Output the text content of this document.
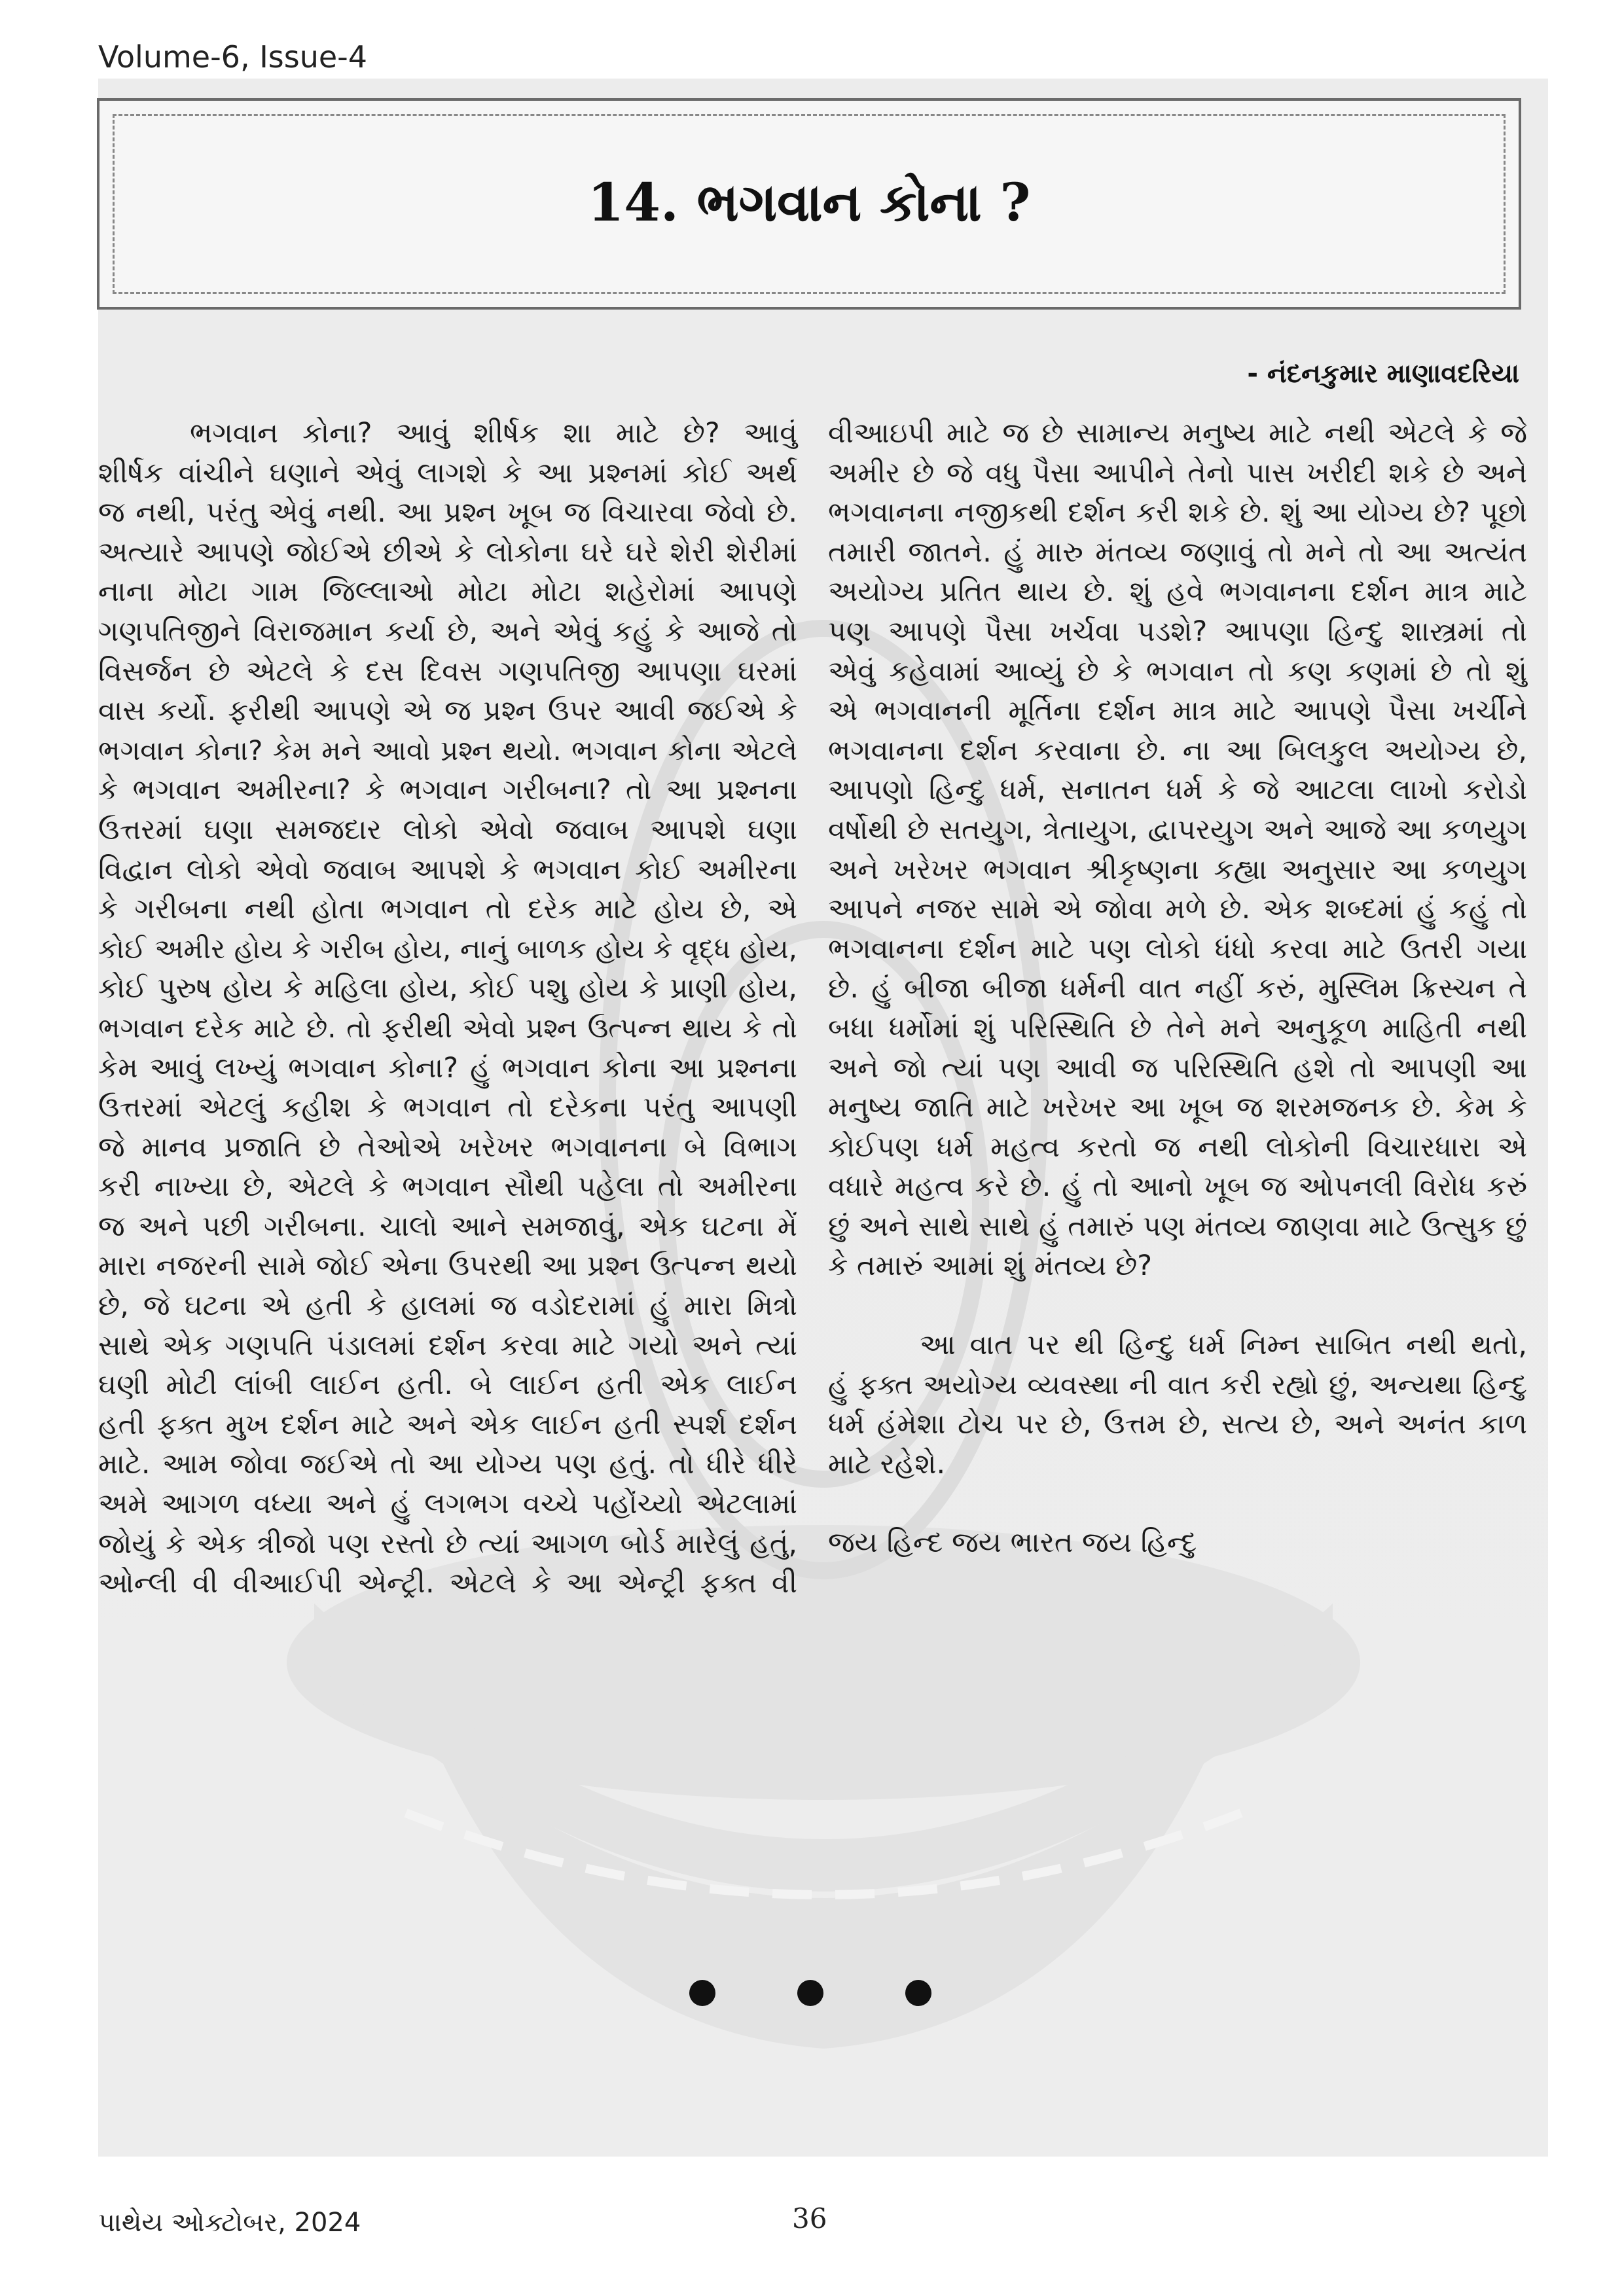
Volume-6, Issue-4
14. ભગવાન કોના ?
- નંદનકુમાર માણાવદરિયા
ભગવાન કોના? આવું શીર્ષક શા માટે છે? આવું
શીર્ષક વાંચીને ઘણાને એવું લાગશે કે આ પ્રશ્નમાં કોઈ અર્થ
જ નથી, પરંતુ એવું નથી. આ પ્રશ્ન ખૂબ જ વિચારવા જેવો છે.
અત્યારે આપણે જોઈએ છીએ કે લોકોના ઘરે ઘરે શેરી શેરીમાં
નાના મોટા ગામ જિલ્લાઓ મોટા મોટા શહેરોમાં આપણે
ગણપતિજીને વિરાજમાન કર્યા છે, અને એવું કહું કે આજે તો
વિસર્જન છે એટલે કે દસ દિવસ ગણપતિજી આપણા ઘરમાં
વાસ કર્યો. ફરીથી આપણે એ જ પ્રશ્ન ઉપર આવી જઈએ કે
ભગવાન કોના? કેમ મને આવો પ્રશ્ન થયો. ભગવાન કોના એટલે
કે ભગવાન અમીરના? કે ભગવાન ગરીબના? તો આ પ્રશ્નના
ઉત્તરમાં ઘણા સમજદાર લોકો એવો જવાબ આપશે ઘણા
વિદ્વાન લોકો એવો જવાબ આપશે કે ભગવાન કોઈ અમીરના
કે ગરીબના નથી હોતા ભગવાન તો દરેક માટે હોય છે, એ
કોઈ અમીર હોય કે ગરીબ હોય, નાનું બાળક હોય કે વૃદ્ધ હોય,
કોઈ પુરુષ હોય કે મહિલા હોય, કોઈ પશુ હોય કે પ્રાણી હોય,
ભગવાન દરેક માટે છે. તો ફરીથી એવો પ્રશ્ન ઉત્પન્ન થાય કે તો
કેમ આવું લખ્યું ભગવાન કોના? હું ભગવાન કોના આ પ્રશ્નના
ઉત્તરમાં એટલું કહીશ કે ભગવાન તો દરેકના પરંતુ આપણી
જે માનવ પ્રજાતિ છે તેઓએ ખરેખર ભગવાનના બે વિભાગ
કરી નાખ્યા છે, એટલે કે ભગવાન સૌથી પહેલા તો અમીરના
જ અને પછી ગરીબના. ચાલો આને સમજાવું, એક ઘટના મેં
મારા નજરની સામે જોઈ એના ઉપરથી આ પ્રશ્ન ઉત્પન્ન થયો
છે, જે ઘટના એ હતી કે હાલમાં જ વડોદરામાં હું મારા મિત્રો
સાથે એક ગણપતિ પંડાલમાં દર્શન કરવા માટે ગયો અને ત્યાં
ઘણી મોટી લાંબી લાઈન હતી. બે લાઈન હતી એક લાઈન
હતી ફક્ત મુખ દર્શન માટે અને એક લાઈન હતી સ્પર્શ દર્શન
માટે. આમ જોવા જઈએ તો આ યોગ્ય પણ હતું. તો ધીરે ધીરે
અમે આગળ વધ્યા અને હું લગભગ વચ્ચે પહોંચ્યો એટલામાં
જોયું કે એક ત્રીજો પણ રસ્તો છે ત્યાં આગળ બોર્ડ મારેલું હતું,
ઓન્લી વી વીઆઈપી એન્ટ્રી. એટલે કે આ એન્ટ્રી ફક્ત વી
વીઆઇપી માટે જ છે સામાન્ય મનુષ્ય માટે નથી એટલે કે જે
અમીર છે જે વધુ પૈસા આપીને તેનો પાસ ખરીદી શકે છે અને
ભગવાનના નજીકથી દર્શન કરી શકે છે. શું આ યોગ્ય છે? પૂછો
તમારી જાતને. હું મારુ મંતવ્ય જણાવું તો મને તો આ અત્યંત
અયોગ્ય પ્રતિત થાય છે. શું હવે ભગવાનના દર્શન માત્ર માટે
પણ આપણે પૈસા ખર્ચવા પડશે? આપણા હિન્દુ શાસ્ત્રમાં તો
એવું કહેવામાં આવ્યું છે કે ભગવાન તો કણ કણમાં છે તો શું
એ ભગવાનની મૂર્તિના દર્શન માત્ર માટે આપણે પૈસા ખર્ચીને
ભગવાનના દર્શન કરવાના છે. ના આ બિલકુલ અયોગ્ય છે,
આપણો હિન્દુ ધર્મ, સનાતન ધર્મ કે જે આટલા લાખો કરોડો
વર્ષોથી છે સતયુગ, ત્રેતાયુગ, દ્વાપરયુગ અને આજે આ કળયુગ
અને ખરેખર ભગવાન શ્રીકૃષ્ણના કહ્યા અનુસાર આ કળયુગ
આપને નજર સામે એ જોવા મળે છે. એક શબ્દમાં હું કહું તો
ભગવાનના દર્શન માટે પણ લોકો ધંધો કરવા માટે ઉતરી ગયા
છે. હું બીજા બીજા ધર્મની વાત નહીં કરું, મુસ્લિમ ક્રિસ્ચન તે
બધા ધર્મોમાં શું પરિસ્થિતિ છે તેને મને અનુકૂળ માહિતી નથી
અને જો ત્યાં પણ આવી જ પરિસ્થિતિ હશે તો આપણી આ
મનુષ્ય જાતિ માટે ખરેખર આ ખૂબ જ શરમજનક છે. કેમ કે
કોઈપણ ધર્મ મહત્વ કરતો જ નથી લોકોની વિચારધારા એ
વધારે મહત્વ કરે છે. હું તો આનો ખૂબ જ ઓપનલી વિરોધ કરું
છું અને સાથે સાથે હું તમારું પણ મંતવ્ય જાણવા માટે ઉત્સુક છું
કે તમારું આમાં શું મંતવ્ય છે?
આ વાત પર થી હિન્દુ ધર્મ નિમ્ન સાબિત નથી થતો,
હું ફક્ત અયોગ્ય વ્યવસ્થા ની વાત કરી રહ્યો છું, અન્યથા હિન્દુ
ધર્મ હંમેશા ટોચ પર છે, ઉત્તમ છે, સત્ય છે, અને અનંત કાળ
માટે રહેશે.
જય હિન્દ જય ભારત જય હિન્દુ
પાથેય ઓક્ટોબર, 2024	36
